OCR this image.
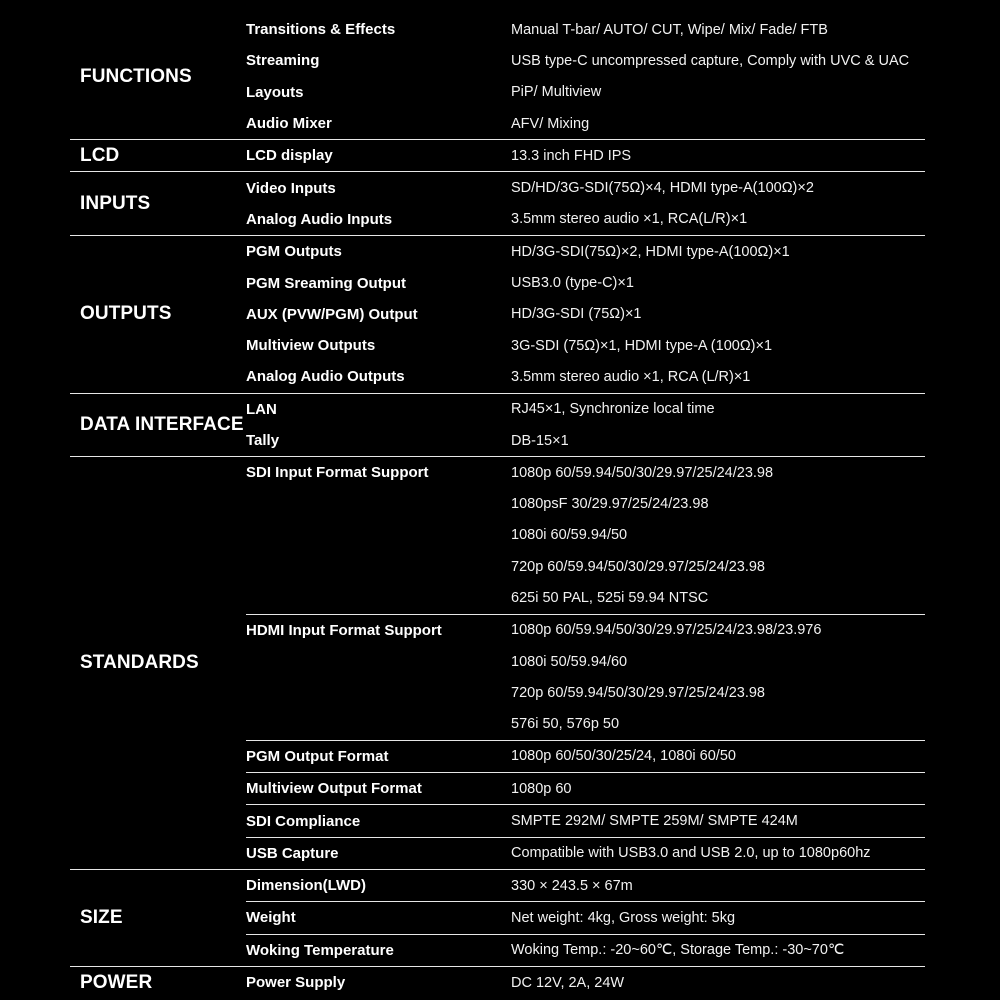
FUNCTIONS
Transitions & Effects	Manual T-bar/ AUTO/ CUT, Wipe/ Mix/ Fade/ FTB
Streaming	USB type-C uncompressed capture, Comply with UVC & UAC
Layouts	PiP/ Multiview
Audio Mixer	AFV/ Mixing
LCD	LCD display	13.3 inch FHD IPS
INPUTS
Video Inputs	SD/HD/3G-SDI(75Ω)×4, HDMI type-A(100Ω)×2
Analog Audio Inputs	3.5mm stereo audio ×1, RCA(L/R)×1
OUTPUTS
PGM Outputs	HD/3G-SDI(75Ω)×2, HDMI type-A(100Ω)×1
PGM Sreaming Output	USB3.0 (type-C)×1
AUX (PVW/PGM) Output	HD/3G-SDI (75Ω)×1
Multiview Outputs	3G-SDI (75Ω)×1, HDMI type-A (100Ω)×1
Analog Audio Outputs	3.5mm stereo audio ×1, RCA (L/R)×1
DATA INTERFACE
LAN	RJ45×1, Synchronize local time
Tally	DB-15×1
STANDARDS
SDI Input Format Support	1080p 60/59.94/50/30/29.97/25/24/23.98
1080psF 30/29.97/25/24/23.98
1080i 60/59.94/50
720p 60/59.94/50/30/29.97/25/24/23.98
625i 50 PAL, 525i 59.94 NTSC
HDMI Input Format Support	1080p 60/59.94/50/30/29.97/25/24/23.98/23.976
1080i 50/59.94/60
720p 60/59.94/50/30/29.97/25/24/23.98
576i 50, 576p 50
PGM Output Format	1080p 60/50/30/25/24, 1080i 60/50
Multiview Output Format	1080p 60
SDI Compliance	SMPTE 292M/ SMPTE 259M/ SMPTE 424M
USB Capture	Compatible with USB3.0 and USB 2.0, up to 1080p60hz
SIZE
Dimension(LWD)	330 × 243.5 × 67m
Weight	Net weight: 4kg, Gross weight: 5kg
Woking Temperature	Woking Temp.: -20~60℃, Storage Temp.: -30~70℃
POWER	Power Supply	DC 12V, 2A, 24W
